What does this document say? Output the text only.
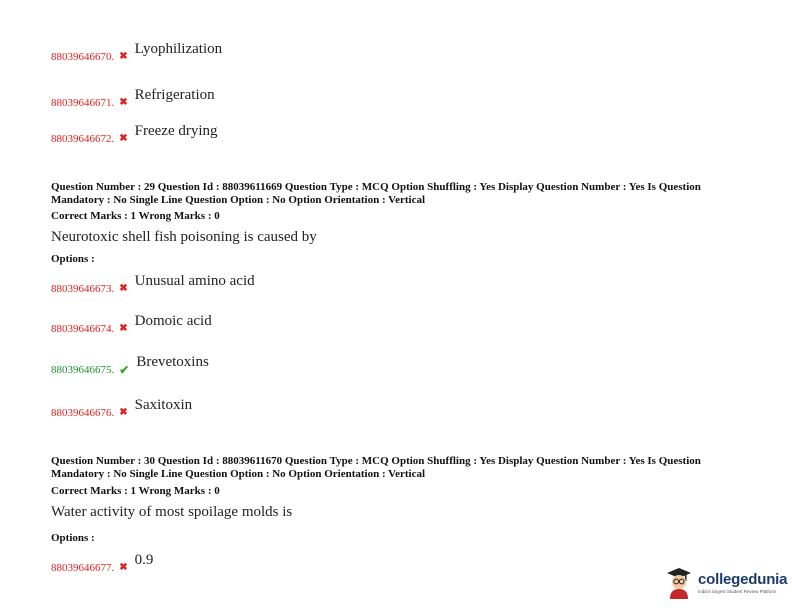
88039646670. ✖ Lyophilization
88039646671. ✖ Refrigeration
88039646672. ✖ Freeze drying
Question Number : 29 Question Id : 88039611669 Question Type : MCQ Option Shuffling : Yes Display Question Number : Yes Is Question Mandatory : No Single Line Question Option : No Option Orientation : Vertical
Correct Marks : 1 Wrong Marks : 0
Neurotoxic shell fish poisoning is caused by
Options :
88039646673. ✖ Unusual amino acid
88039646674. ✖ Domoic acid
88039646675. ✔ Brevetoxins
88039646676. ✖ Saxitoxin
Question Number : 30 Question Id : 88039611670 Question Type : MCQ Option Shuffling : Yes Display Question Number : Yes Is Question Mandatory : No Single Line Question Option : No Option Orientation : Vertical
Correct Marks : 1 Wrong Marks : 0
Water activity of most spoilage molds is
Options :
88039646677. ✖ 0.9
collegedunia
India's largest Student Review Platform
